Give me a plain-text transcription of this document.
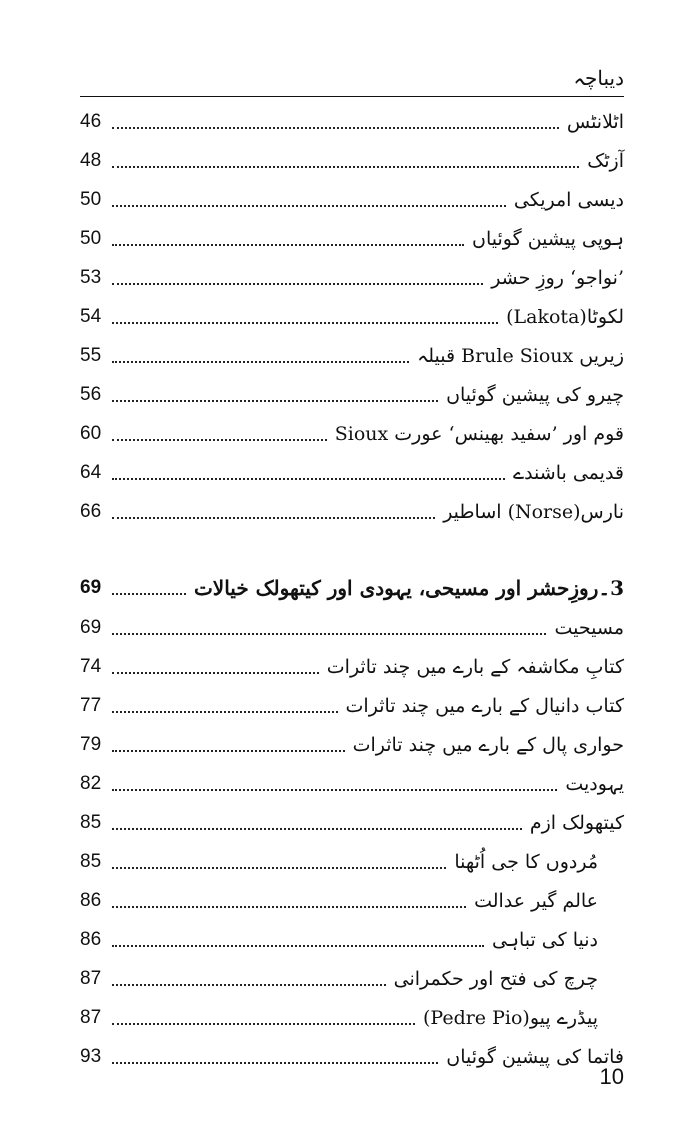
دیباچہ
اٹلانٹس
46
آزٹک
48
دیسی امریکی
50
ہوپی پیشین گوئیاں
50
’نواجو‘ روزِ حشر
53
لکوٹا(Lakota)
54
زیریں Brule Sioux قبیلہ
55
چیرو کی پیشین گوئیاں
56
Sioux قوم اور ’سفید بھینس‘ عورت
60
قدیمی باشندے
64
نارس(Norse) اساطیر
66
3۔روزِحشر اور مسیحی، یہودی اور کیتھولک خیالات
69
مسیحیت
69
کتابِ مکاشفہ کے بارے میں چند تاثرات
74
کتاب دانیال کے بارے میں چند تاثرات
77
حواری پال کے بارے میں چند تاثرات
79
یہودیت
82
کیتھولک ازم
85
مُردوں کا جی اُٹھنا
85
عالم گیر عدالت
86
دنیا کی تباہی
86
چرچ کی فتح اور حکمرانی
87
پیڈرے پیو(Pedre Pio)
87
فاتما کی پیشین گوئیاں
93
10
